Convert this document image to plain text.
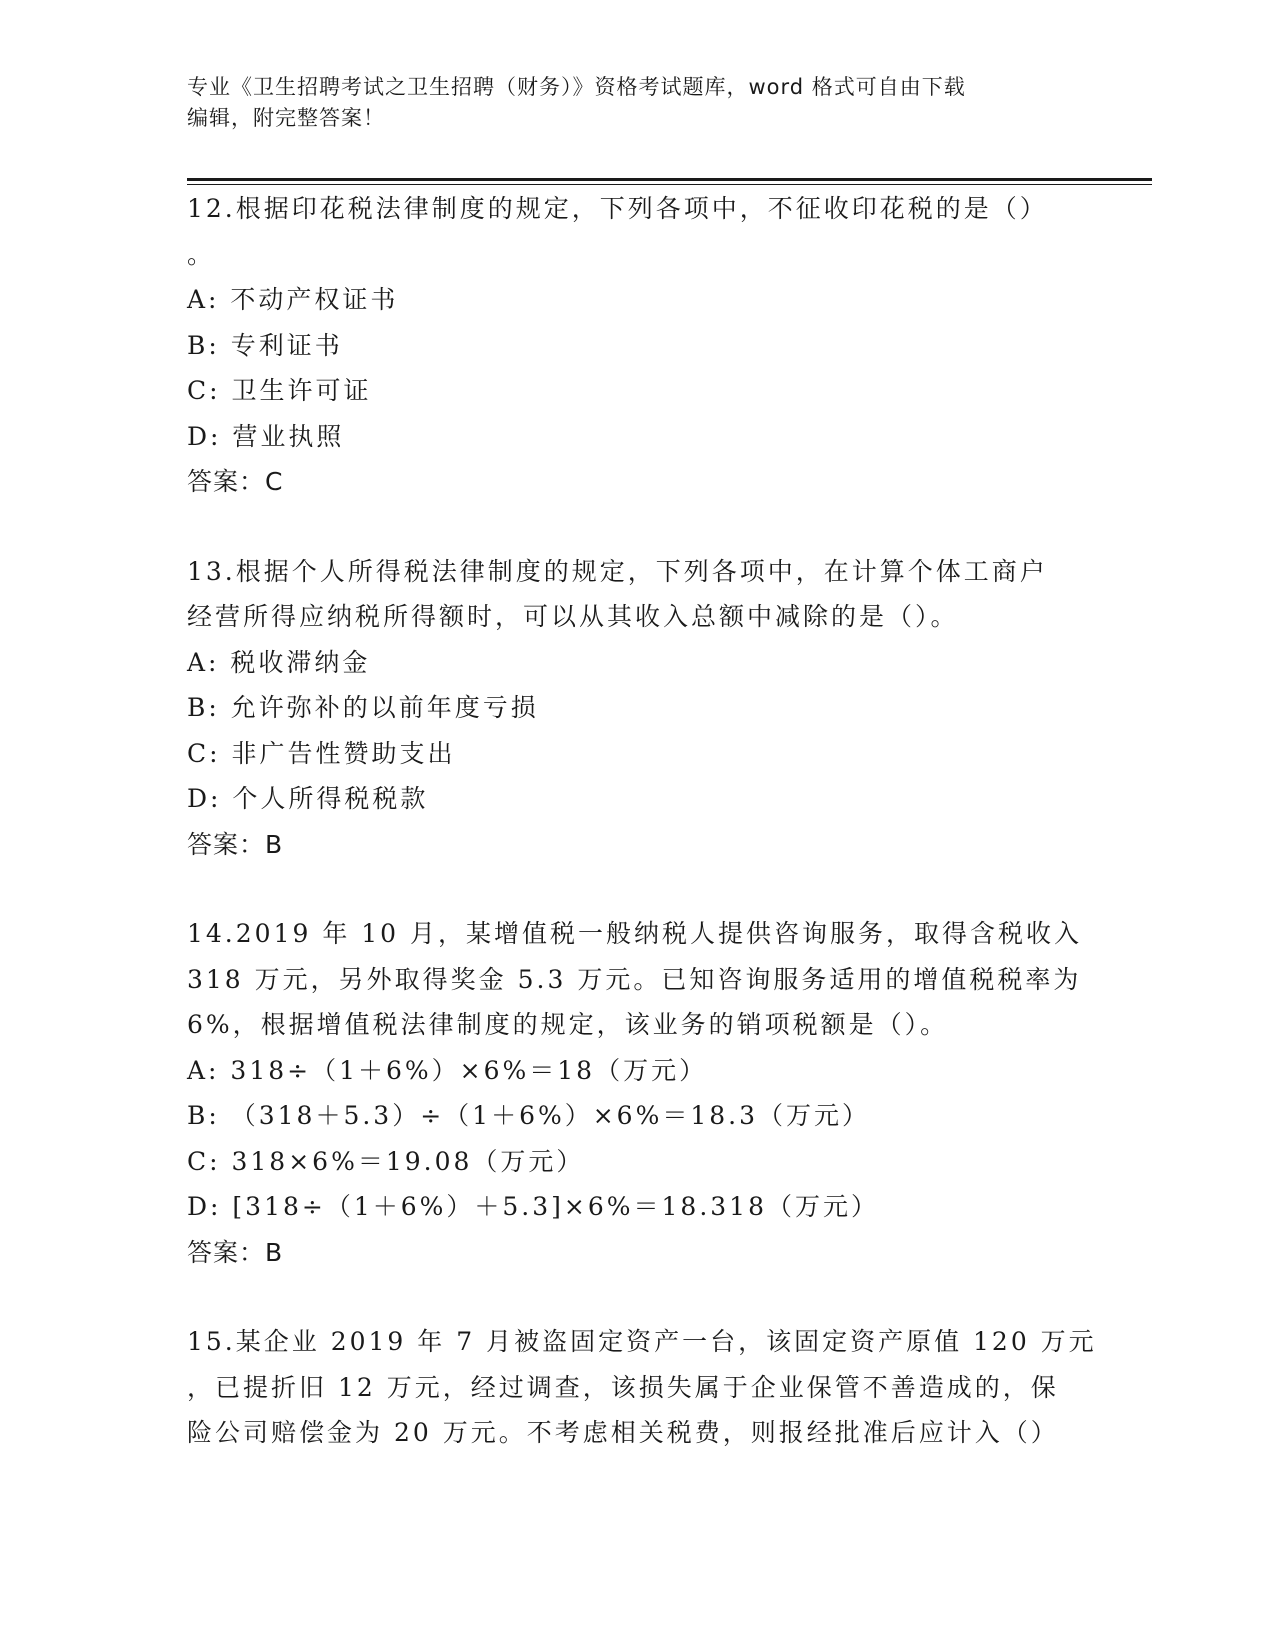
专业《卫生招聘考试之卫生招聘（财务）》资格考试题库，word 格式可自由下载
编辑，附完整答案！
12.根据印花税法律制度的规定，下列各项中，不征收印花税的是（）
。
A: 不动产权证书
B: 专利证书
C: 卫生许可证
D: 营业执照
答案：C
13.根据个人所得税法律制度的规定，下列各项中，在计算个体工商户
经营所得应纳税所得额时，可以从其收入总额中减除的是（）。
A: 税收滞纳金
B: 允许弥补的以前年度亏损
C: 非广告性赞助支出
D: 个人所得税税款
答案：B
14.2019 年 10 月，某增值税一般纳税人提供咨询服务，取得含税收入
318 万元，另外取得奖金 5.3 万元。已知咨询服务适用的增值税税率为
6%，根据增值税法律制度的规定，该业务的销项税额是（）。
A: 318÷（1＋6%）×6%＝18（万元）
B: （318＋5.3）÷（1＋6%）×6%＝18.3（万元）
C: 318×6%＝19.08（万元）
D: [318÷（1＋6%）＋5.3]×6%＝18.318（万元）
答案：B
15.某企业 2019 年 7 月被盗固定资产一台，该固定资产原值 120 万元
，已提折旧 12 万元，经过调查，该损失属于企业保管不善造成的，保
险公司赔偿金为 20 万元。不考虑相关税费，则报经批准后应计入（）
